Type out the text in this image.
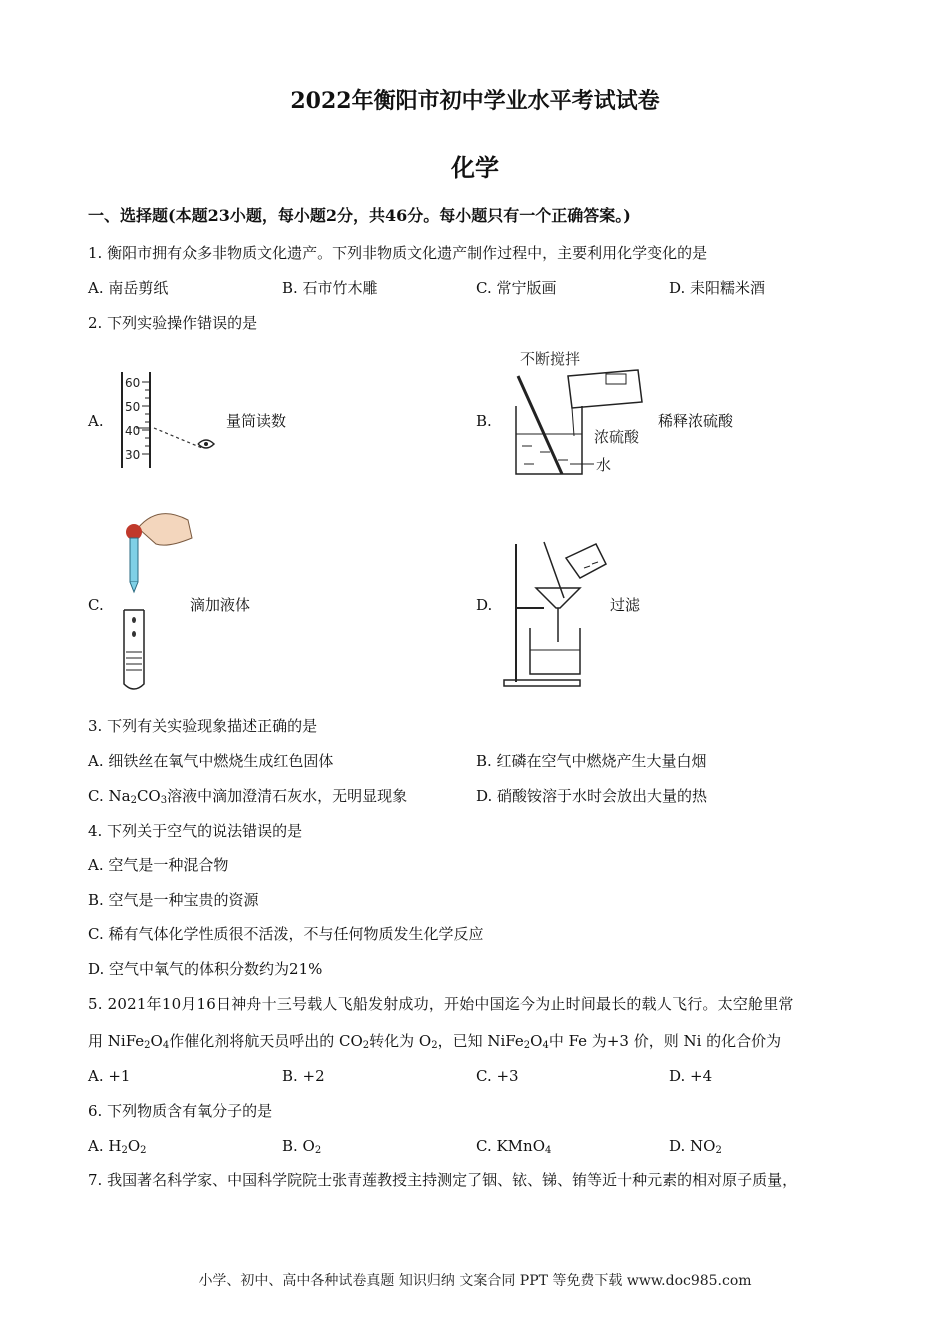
2022年衡阳市初中学业水平考试试卷
化学
一、选择题(本题23小题，每小题2分，共46分。每小题只有一个正确答案。)
1. 衡阳市拥有众多非物质文化遗产。下列非物质文化遗产制作过程中，主要利用化学变化的是
A. 南岳剪纸	B. 石市竹木雕	C. 常宁版画	D. 耒阳糯米酒
2. 下列实验操作错误的是
A.
60
50
40
30
量筒读数	B.
不断搅拌
浓硫酸
水
稀释浓硫酸
C.	滴加液体	D.	过滤
3. 下列有关实验现象描述正确的是
A. 细铁丝在氧气中燃烧生成红色固体	B. 红磷在空气中燃烧产生大量白烟
C. $Na_2CO_3$溶液中滴加澄清石灰水，无明显现象	D. 硝酸铵溶于水时会放出大量的热
4. 下列关于空气的说法错误的是
A. 空气是一种混合物
B. 空气是一种宝贵的资源
C. 稀有气体化学性质很不活泼，不与任何物质发生化学反应
D. 空气中氧气的体积分数约为21%
5. 2021年10月16日神舟十三号载人飞船发射成功，开始中国迄今为止时间最长的载人飞行。太空舱里常
用 $NiFe_2O_4$作催化剂将航天员呼出的 $CO_2$转化为 $O_2$，已知 $NiFe_2O_4$中 Fe 为+3 价，则 Ni 的化合价为
A. +1	B. +2	C. +3	D. +4
6. 下列物质含有氧分子的是
A. $H_2O_2$	B. $O_2$	C. KMnO$_4$	D. $NO_2$
7. 我国著名科学家、中国科学院院士张青莲教授主持测定了铟、铱、锑、铕等近十种元素的相对原子质量，
小学、初中、高中各种试卷真题 知识归纳 文案合同 PPT 等免费下载 www.doc985.com
